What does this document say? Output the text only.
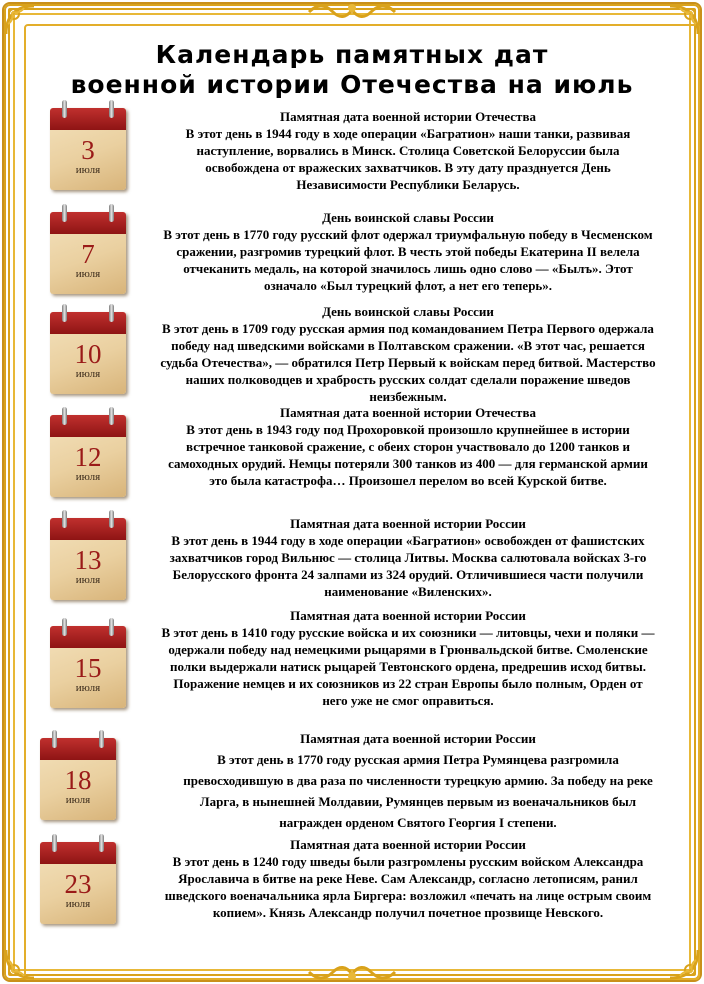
Календарь памятных дат
военной истории Отечества на июль
3
июля
7
июля
10
июля
12
июля
13
июля
15
июля
18
июля
23
июля
Памятная дата военной истории Отечества
В этот день в 1944 году в ходе операции «Багратион» наши танки, развивая наступление, ворвались в Минск. Столица Советской Белоруссии была освобождена от вражеских захватчиков. В эту дату празднуется День Независимости Республики Беларусь.
День воинской славы России
В этот день в 1770 году русский флот одержал триумфальную победу в Чесменском сражении, разгромив турецкий флот. В честь этой победы Екатерина II велела отчеканить медаль, на которой значилось лишь одно слово — «Былъ». Этот означало «Был турецкий флот, а нет его теперь».
День воинской славы России
В этот день в 1709 году русская армия под командованием Петра Первого одержала победу над шведскими войсками в Полтавском сражении. «В этот час, решается судьба Отечества», — обратился Петр Первый к войскам перед битвой. Мастерство наших полководцев и храбрость русских солдат сделали поражение шведов неизбежным.
Памятная дата военной истории Отечества
В этот день в 1943 году под Прохоровкой произошло крупнейшее в истории встречное танковой сражение, с обеих сторон участвовало до 1200 танков и самоходных орудий. Немцы потеряли 300 танков из 400 — для германской армии это была катастрофа… Произошел перелом во всей Курской битве.
Памятная дата военной истории России
В этот день в 1944 году в ходе операции «Багратион» освобожден от фашистских захватчиков город Вильнюс — столица Литвы. Москва салютовала войсках 3-го Белорусского фронта 24 залпами из 324 орудий. Отличившиеся части получили наименование «Виленских».
Памятная дата военной истории России
В этот день в 1410 году русские войска и их союзники — литовцы, чехи и поляки — одержали победу над немецкими рыцарями в Грюнвальдской битве. Смоленские полки выдержали натиск рыцарей Тевтонского ордена, предрешив исход битвы. Поражение немцев и их союзников из 22 стран Европы было полным, Орден от него уже не смог оправиться.
Памятная дата военной истории России
В этот день в 1770 году русская армия Петра Румянцева разгромила превосходившую в два раза по численности турецкую армию. За победу на реке Ларга, в нынешней Молдавии, Румянцев первым из военачальников был награжден орденом Святого Георгия I степени.
Памятная дата военной истории России
В этот день в 1240 году шведы были разгромлены русским войском Александра Ярославича в битве на реке Неве. Сам Александр, согласно летописям, ранил шведского военачальника ярла Биргера: возложил «печать на лице острым своим копием». Князь Александр получил почетное прозвище Невского.
